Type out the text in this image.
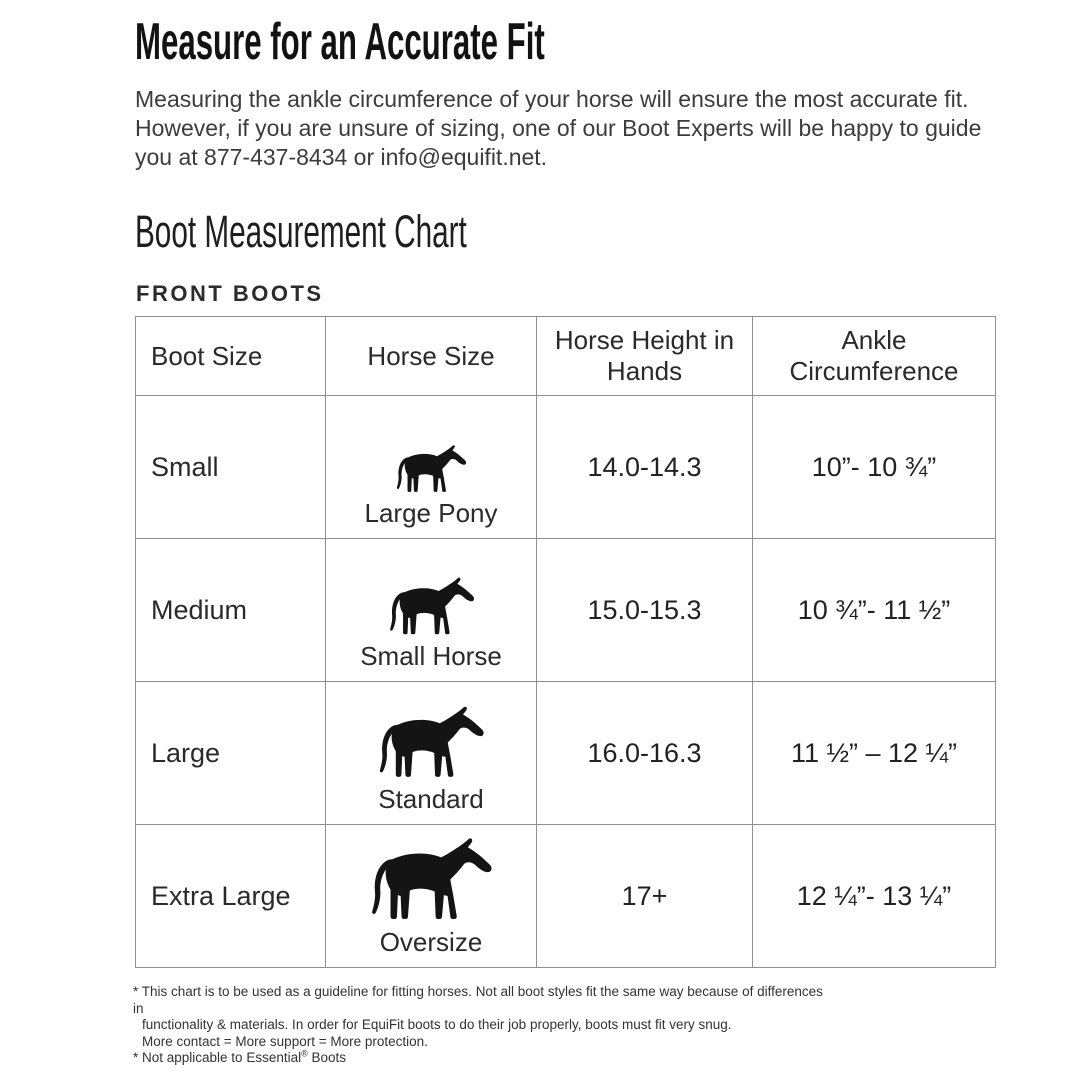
Measure for an Accurate Fit

Measuring the ankle circumference of your horse will ensure the most accurate fit.  However, if you are unsure of sizing, one of our Boot Experts will be happy to guide you at 877-437-8434 or info@equifit.net.

Boot Measurement Chart
FRONT BOOTS
Boot Size	Horse Size	Horse Height in Hands	Ankle Circumference
Small	Large Pony	14.0-14.3	10”- 10 ¾”
Medium	Small Horse	15.0-15.3	10 ¾”- 11 ½”
Large	Standard	16.0-16.3	11 ½” – 12 ¼”
Extra Large	Oversize	17+	12 ¼”- 13 ¼”
* This chart is to be used as a guideline for fitting horses. Not all boot styles fit the same way because of differences in
functionality & materials. In order for EquiFit boots to do their job properly, boots must fit very snug.
More contact = More support = More protection.
* Not applicable to Essential® Boots
